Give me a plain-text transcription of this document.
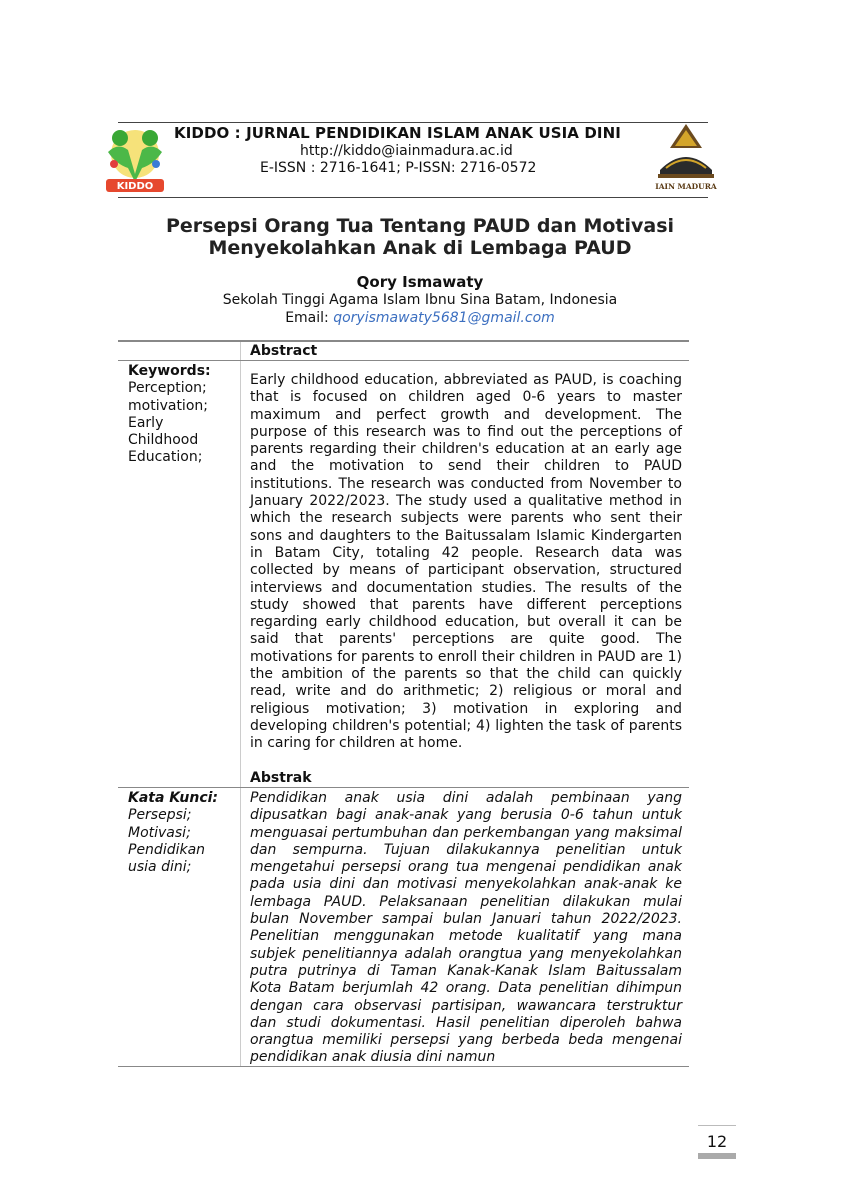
KIDDO
KIDDO : JURNAL PENDIDIKAN ISLAM ANAK USIA DINI
http://kiddo@iainmadura.ac.id
E-ISSN : 2716-1641; P-ISSN: 2716-0572
IAIN MADURA
Persepsi Orang Tua Tentang PAUD dan Motivasi
Menyekolahkan Anak di Lembaga PAUD
Qory Ismawaty
Sekolah Tinggi Agama Islam Ibnu Sina Batam, Indonesia
Email: qoryismawaty5681@gmail.com
Abstract
Keywords:
Perception;
motivation;
Early
Childhood
Education;
Early childhood education, abbreviated as PAUD, is coaching that is focused on children aged 0-6 years to master maximum and perfect growth and development. The purpose of this research was to find out the perceptions of parents regarding their children's education at an early age and the motivation to send their children to PAUD institutions. The research was conducted from November to January 2022/2023. The study used a qualitative method in which the research subjects were parents who sent their sons and daughters to the Baitussalam Islamic Kindergarten in Batam City, totaling 42 people. Research data was collected by means of participant observation, structured interviews and documentation studies. The results of the study showed that parents have different perceptions regarding early childhood education, but overall it can be said that parents' perceptions are quite good. The motivations for parents to enroll their children in PAUD are 1) the ambition of the parents so that the child can quickly read, write and do arithmetic; 2) religious or moral and religious motivation; 3) motivation in exploring and developing children's potential; 4) lighten the task of parents in caring for children at home.
Abstrak
Kata Kunci:
Persepsi;
Motivasi;
Pendidikan
usia dini;
Pendidikan anak usia dini adalah pembinaan yang dipusatkan bagi anak-anak yang berusia 0-6 tahun untuk menguasai pertumbuhan dan perkembangan yang maksimal dan sempurna. Tujuan dilakukannya penelitian untuk mengetahui persepsi orang tua mengenai pendidikan anak pada usia dini dan motivasi menyekolahkan anak-anak ke lembaga PAUD. Pelaksanaan penelitian dilakukan mulai bulan November sampai bulan Januari tahun 2022/2023. Penelitian menggunakan metode kualitatif yang mana subjek penelitiannya adalah orangtua yang menyekolahkan putra putrinya di Taman Kanak-Kanak Islam Baitussalam Kota Batam berjumlah 42 orang. Data penelitian dihimpun dengan cara observasi partisipan, wawancara terstruktur dan studi dokumentasi. Hasil penelitian diperoleh bahwa orangtua memiliki persepsi yang berbeda beda mengenai pendidikan anak diusia dini namun
12
